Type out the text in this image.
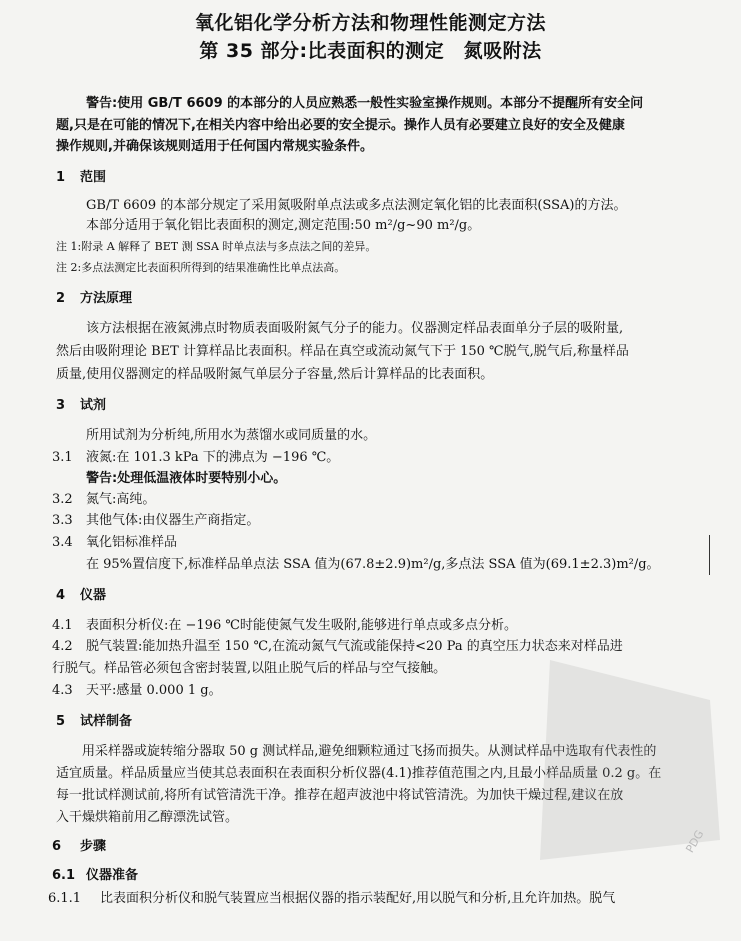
氧化铝化学分析方法和物理性能测定方法
第 35 部分:比表面积的测定　氮吸附法
警告:使用 GB/T 6609 的本部分的人员应熟悉一般性实验室操作规则。本部分不提醒所有安全问
题,只是在可能的情况下,在相关内容中给出必要的安全提示。操作人员有必要建立良好的安全及健康
操作规则,并确保该规则适用于任何国内常规实验条件。
1 范围
GB/T 6609 的本部分规定了采用氮吸附单点法或多点法测定氧化铝的比表面积(SSA)的方法。
本部分适用于氧化铝比表面积的测定,测定范围:50 m²/g~90 m²/g。
注 1:附录 A 解释了 BET 测 SSA 时单点法与多点法之间的差异。
注 2:多点法测定比表面积所得到的结果准确性比单点法高。
2 方法原理
该方法根据在液氮沸点时物质表面吸附氮气分子的能力。仪器测定样品表面单分子层的吸附量,
然后由吸附理论 BET 计算样品比表面积。样品在真空或流动氮气下于 150 ℃脱气,脱气后,称量样品
质量,使用仪器测定的样品吸附氮气单层分子容量,然后计算样品的比表面积。
3 试剂
所用试剂为分析纯,所用水为蒸馏水或同质量的水。
3.1 液氮:在 101.3 kPa 下的沸点为 −196 ℃。
警告:处理低温液体时要特别小心。
3.2 氮气:高纯。
3.3 其他气体:由仪器生产商指定。
3.4 氧化铝标准样品
在 95%置信度下,标准样品单点法 SSA 值为(67.8±2.9)m²/g,多点法 SSA 值为(69.1±2.3)m²/g。
4 仪器
4.1 表面积分析仪:在 −196 ℃时能使氮气发生吸附,能够进行单点或多点分析。
4.2 脱气装置:能加热升温至 150 ℃,在流动氮气气流或能保持<20 Pa 的真空压力状态来对样品进
行脱气。样品管必须包含密封装置,以阻止脱气后的样品与空气接触。
4.3 天平:感量 0.000 1 g。
5 试样制备
用采样器或旋转缩分器取 50 g 测试样品,避免细颗粒通过飞扬而损失。从测试样品中选取有代表性的
适宜质量。样品质量应当使其总表面积在表面积分析仪器(4.1)推荐值范围之内,且最小样品质量 0.2 g。在
每一批试样测试前,将所有试管清洗干净。推荐在超声波池中将试管清洗。为加快干燥过程,建议在放
入干燥烘箱前用乙醇漂洗试管。
6 步骤
6.1 仪器准备
6.1.1 比表面积分析仪和脱气装置应当根据仪器的指示装配好,用以脱气和分析,且允许加热。脱气
PDG
